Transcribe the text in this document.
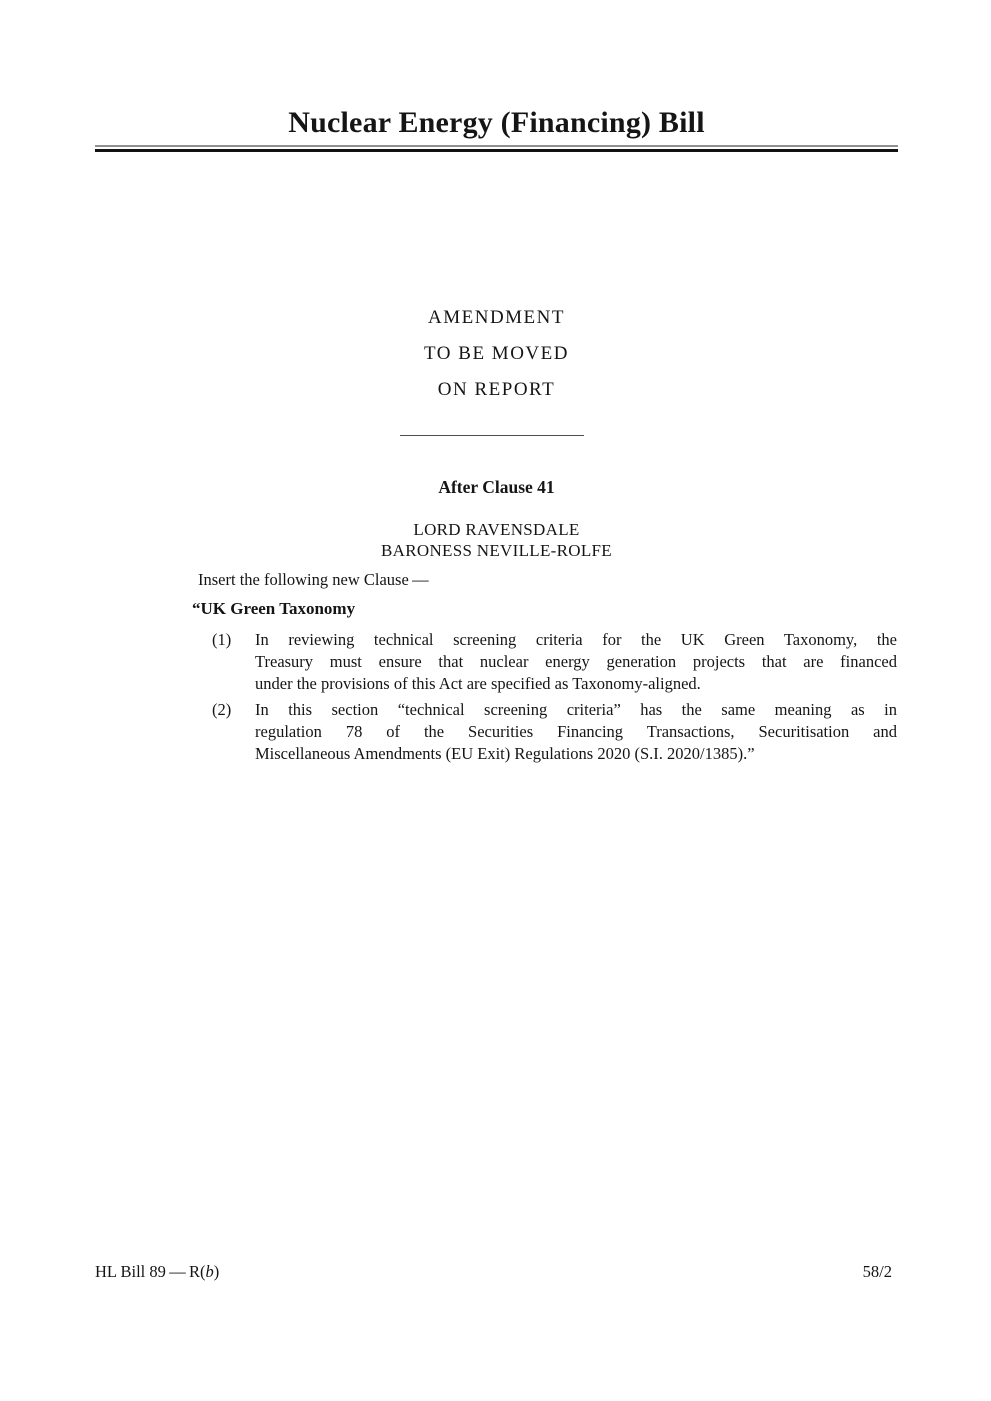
Nuclear Energy (Financing) Bill
AMENDMENT
TO BE MOVED
ON REPORT
After Clause 41
LORD RAVENSDALE
BARONESS NEVILLE-ROLFE
Insert the following new Clause —
“UK Green Taxonomy
(1) In reviewing technical screening criteria for the UK Green Taxonomy, the
Treasury must ensure that nuclear energy generation projects that are financed
under the provisions of this Act are specified as Taxonomy-aligned.
(2) In this section “technical screening criteria” has the same meaning as in
regulation 78 of the Securities Financing Transactions, Securitisation and
Miscellaneous Amendments (EU Exit) Regulations 2020 (S.I. 2020/1385).”
HL Bill 89 — R(b)	58/2
